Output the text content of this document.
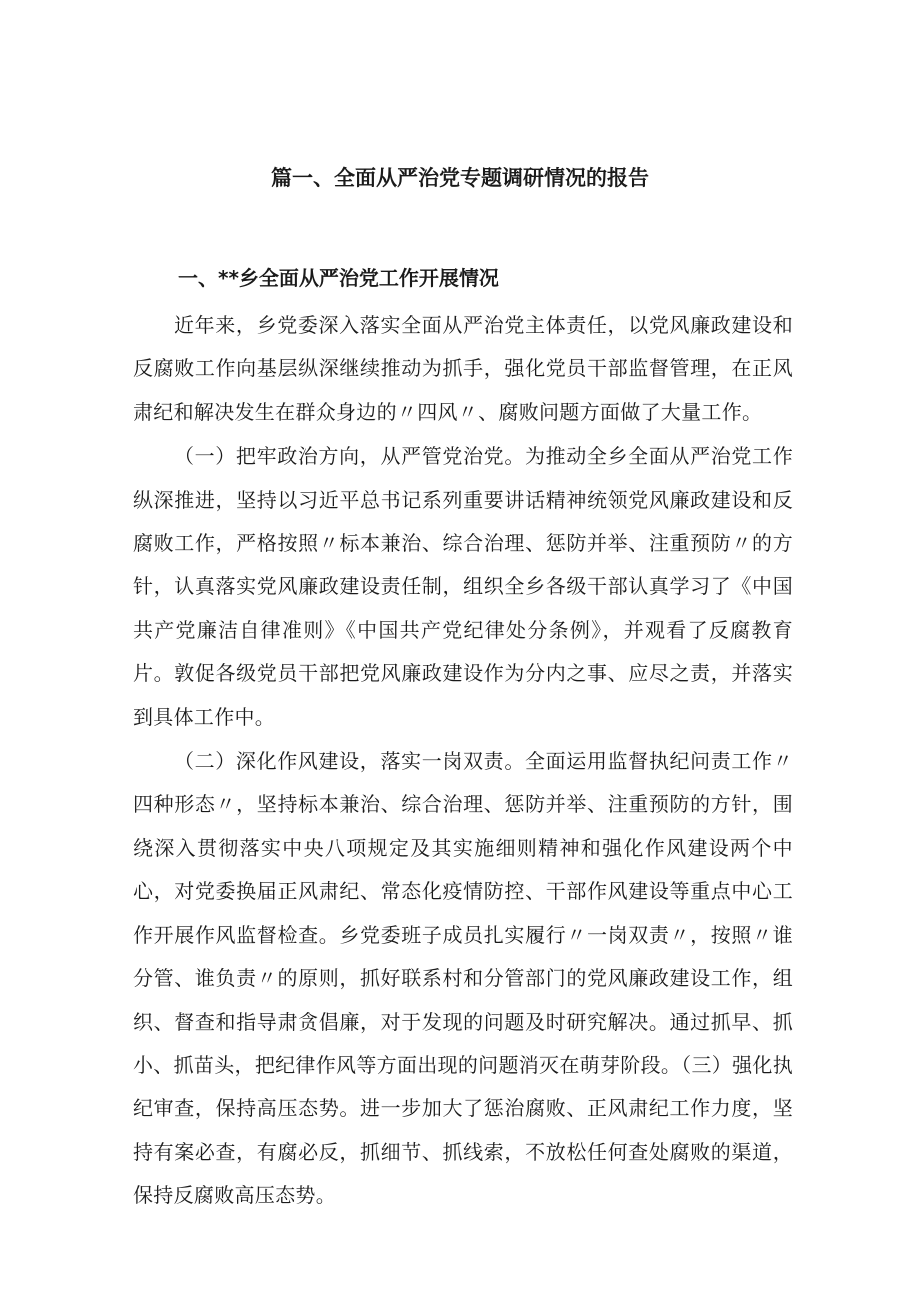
篇一、全面从严治党专题调研情况的报告
一、**乡全面从严治党工作开展情况

近年来，乡党委深入落实全面从严治党主体责任，以党风廉政建设和反腐败工作向基层纵深继续推动为抓手，强化党员干部监督管理，在正风肃纪和解决发生在群众身边的〃四风〃、腐败问题方面做了大量工作。

（一）把牢政治方向，从严管党治党。为推动全乡全面从严治党工作纵深推进，坚持以习近平总书记系列重要讲话精神统领党风廉政建设和反腐败工作，严格按照〃标本兼治、综合治理、惩防并举、注重预防〃的方针，认真落实党风廉政建设责任制，组织全乡各级干部认真学习了《中国共产党廉洁自律准则》《中国共产党纪律处分条例》，并观看了反腐教育片。敦促各级党员干部把党风廉政建设作为分内之事、应尽之责，并落实到具体工作中。

（二）深化作风建设，落实一岗双责。全面运用监督执纪问责工作〃四种形态〃，坚持标本兼治、综合治理、惩防并举、注重预防的方针，围绕深入贯彻落实中央八项规定及其实施细则精神和强化作风建设两个中心，对党委换届正风肃纪、常态化疫情防控、干部作风建设等重点中心工作开展作风监督检查。乡党委班子成员扎实履行〃一岗双责〃，按照〃谁分管、谁负责〃的原则，抓好联系村和分管部门的党风廉政建设工作，组织、督查和指导肃贪倡廉，对于发现的问题及时研究解决。通过抓早、抓小、抓苗头，把纪律作风等方面出现的问题消灭在萌芽阶段。（三）强化执纪审查，保持高压态势。进一步加大了惩治腐败、正风肃纪工作力度，坚持有案必查，有腐必反，抓细节、抓线索，不放松任何查处腐败的渠道，保持反腐败高压态势。
